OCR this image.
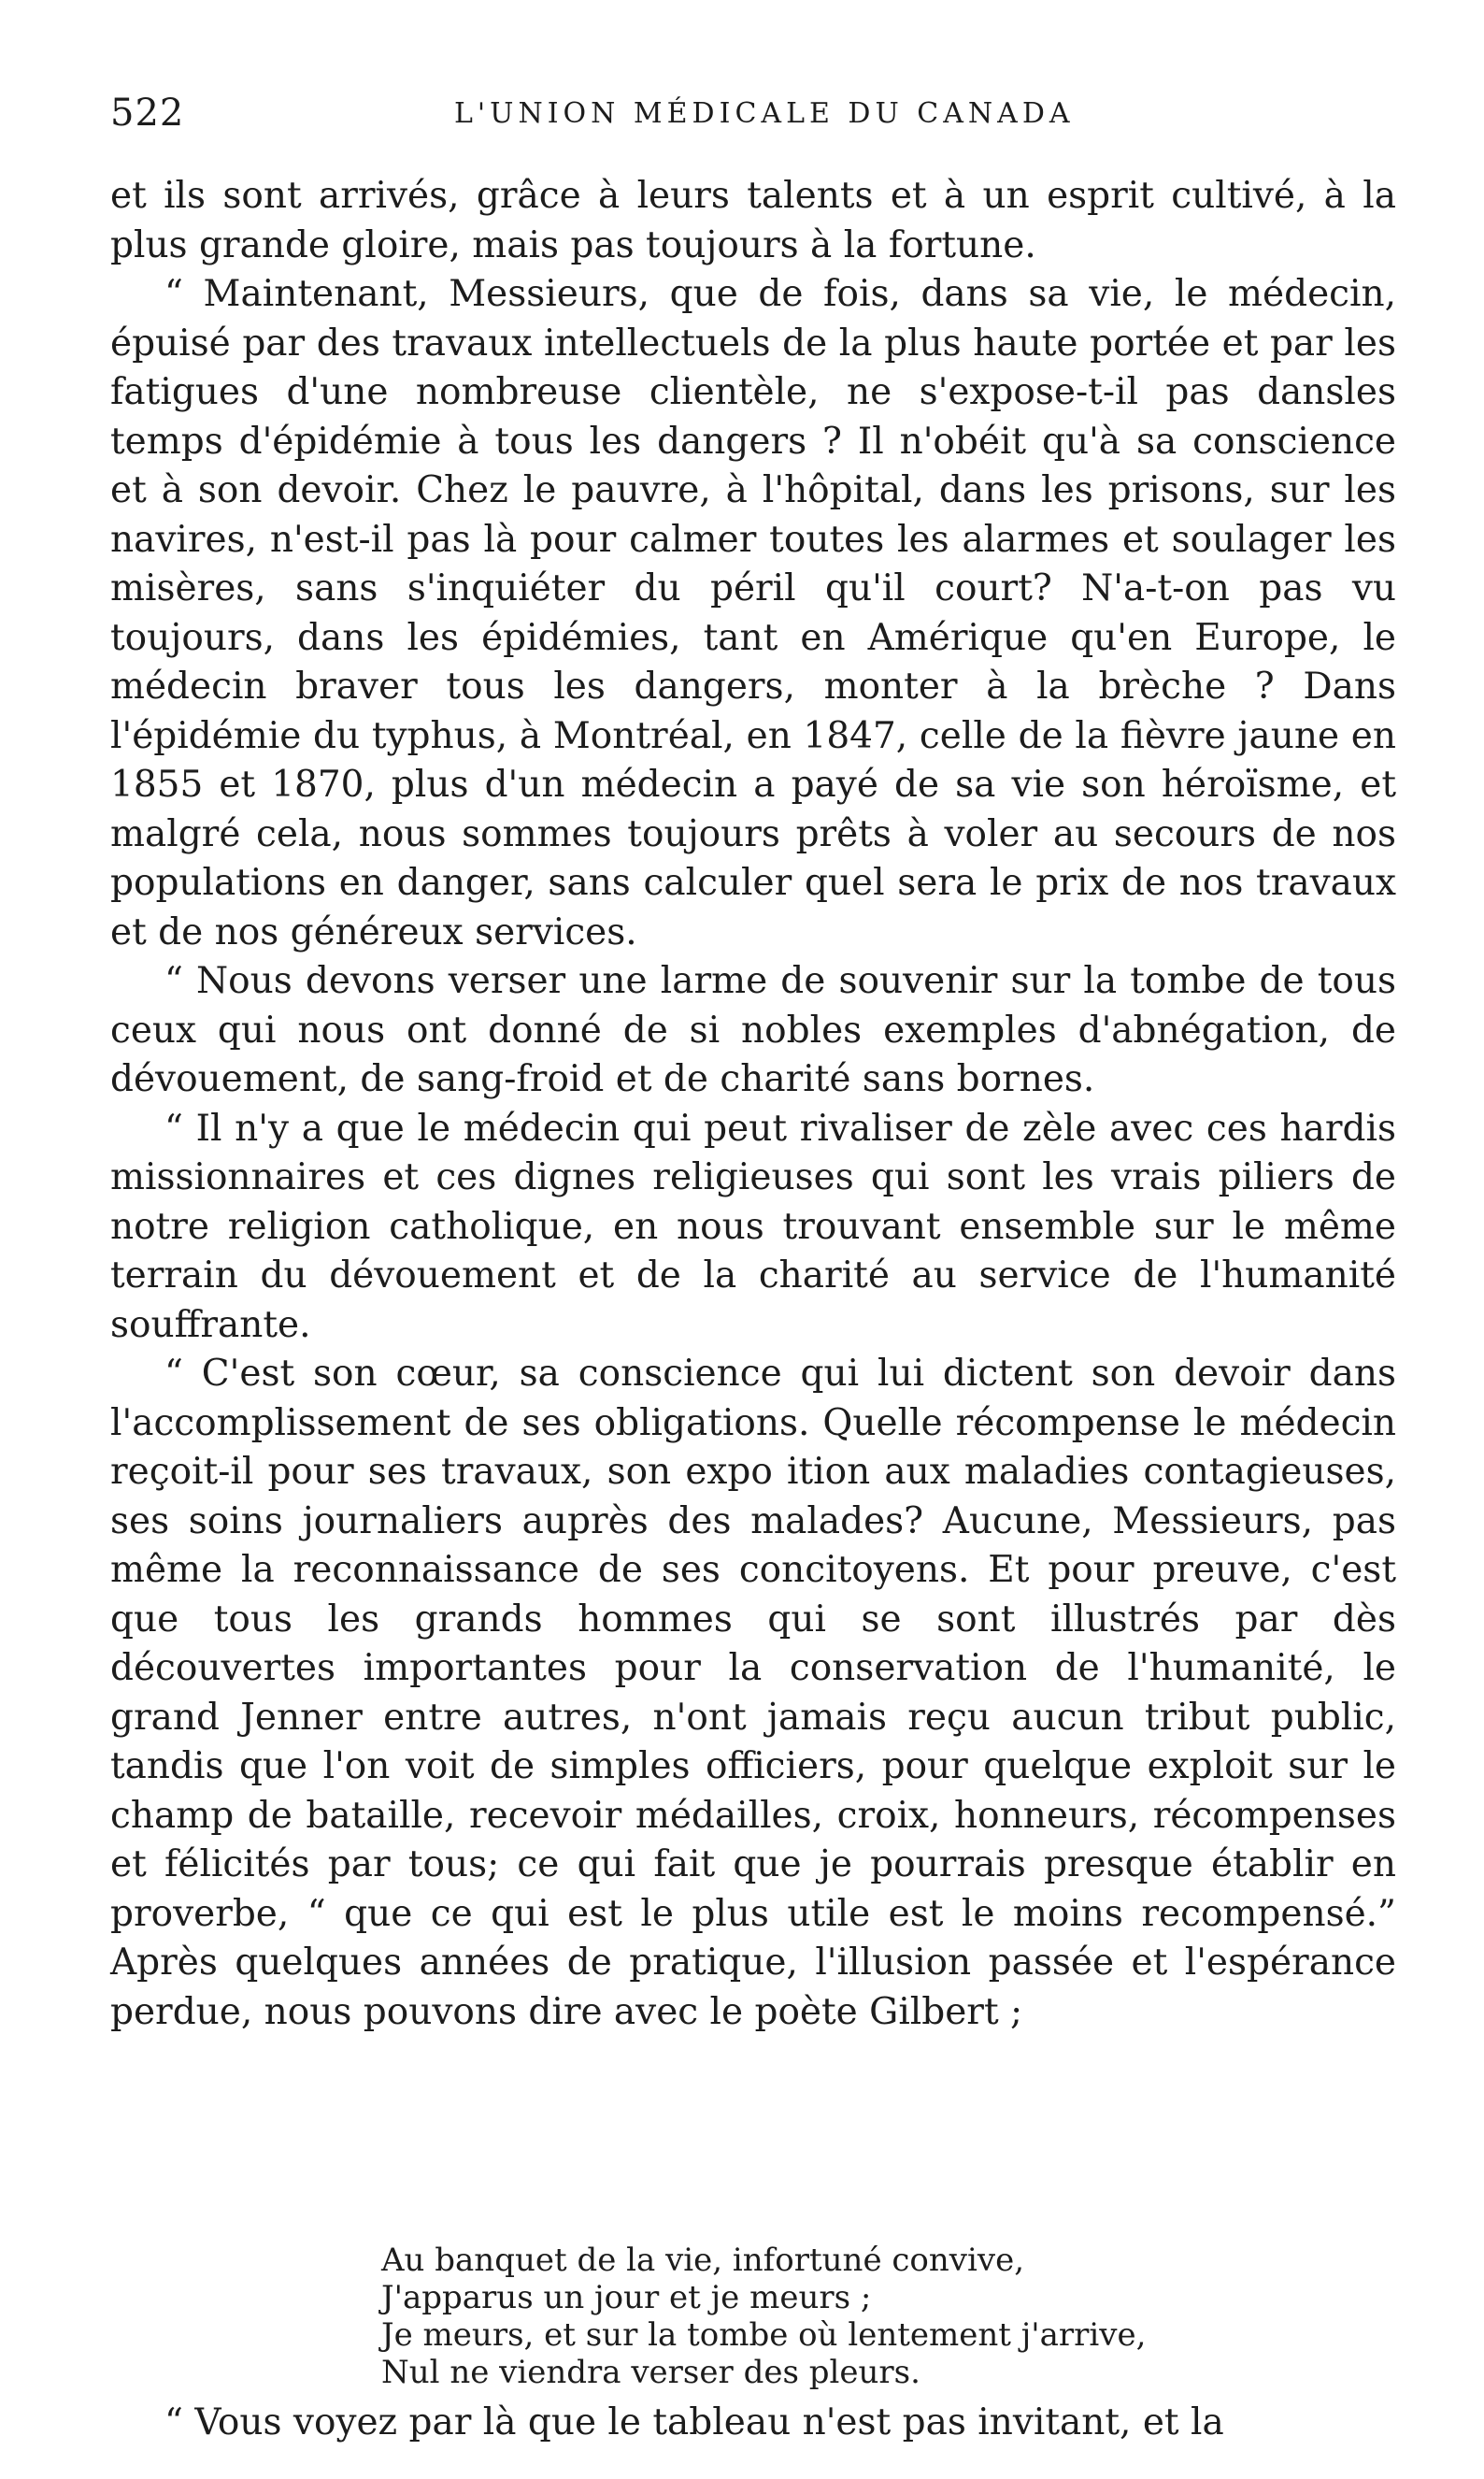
522	L'UNION MÉDICALE DU CANADA

et ils sont arrivés, grâce à leurs talents et à un esprit cultivé, à la plus grande gloire, mais pas toujours à la fortune.

“ Maintenant, Messieurs, que de fois, dans sa vie, le médecin, épuisé par des travaux intellectuels de la plus haute portée et par les fatigues d'une nombreuse clientèle, ne s'expose-t-il pas dansles temps d'épidémie à tous les dangers ? Il n'obéit qu'à sa conscience et à son devoir. Chez le pauvre, à l'hôpital, dans les prisons, sur les navires, n'est-il pas là pour calmer toutes les alarmes et soulager les misères, sans s'inquiéter du péril qu'il court? N'a-t-on pas vu toujours, dans les épidémies, tant en Amérique qu'en Europe, le médecin braver tous les dangers, monter à la brèche ? Dans l'épidémie du typhus, à Montréal, en 1847, celle de la fièvre jaune en 1855 et 1870, plus d'un médecin a payé de sa vie son héroïsme, et malgré cela, nous sommes toujours prêts à voler au secours de nos populations en danger, sans calculer quel sera le prix de nos travaux et de nos généreux services.

“ Nous devons verser une larme de souvenir sur la tombe de tous ceux qui nous ont donné de si nobles exemples d'abnégation, de dévouement, de sang-froid et de charité sans bornes.

“ Il n'y a que le médecin qui peut rivaliser de zèle avec ces hardis missionnaires et ces dignes religieuses qui sont les vrais piliers de notre religion catholique, en nous trouvant ensemble sur le même terrain du dévouement et de la charité au service de l'humanité souffrante.

“ C'est son cœur, sa conscience qui lui dictent son devoir dans l'accomplissement de ses obligations. Quelle récompense le médecin reçoit-il pour ses travaux, son expo ition aux maladies contagieuses, ses soins journaliers auprès des malades? Aucune, Messieurs, pas même la reconnaissance de ses concitoyens. Et pour preuve, c'est que tous les grands hommes qui se sont illustrés par dès découvertes importantes pour la conservation de l'humanité, le grand Jenner entre autres, n'ont jamais reçu aucun tribut public, tandis que l'on voit de simples officiers, pour quelque exploit sur le champ de bataille, recevoir médailles, croix, honneurs, récompenses et félicités par tous; ce qui fait que je pourrais presque établir en proverbe, “ que ce qui est le plus utile est le moins recompensé.” Après quelques années de pratique, l'illusion passée et l'espérance perdue, nous pouvons dire avec le poète Gilbert ;

Au banquet de la vie, infortuné convive,
J'apparus un jour et je meurs ;
Je meurs, et sur la tombe où lentement j'arrive,
Nul ne viendra verser des pleurs.
“ Vous voyez par là que le tableau n'est pas invitant, et la
